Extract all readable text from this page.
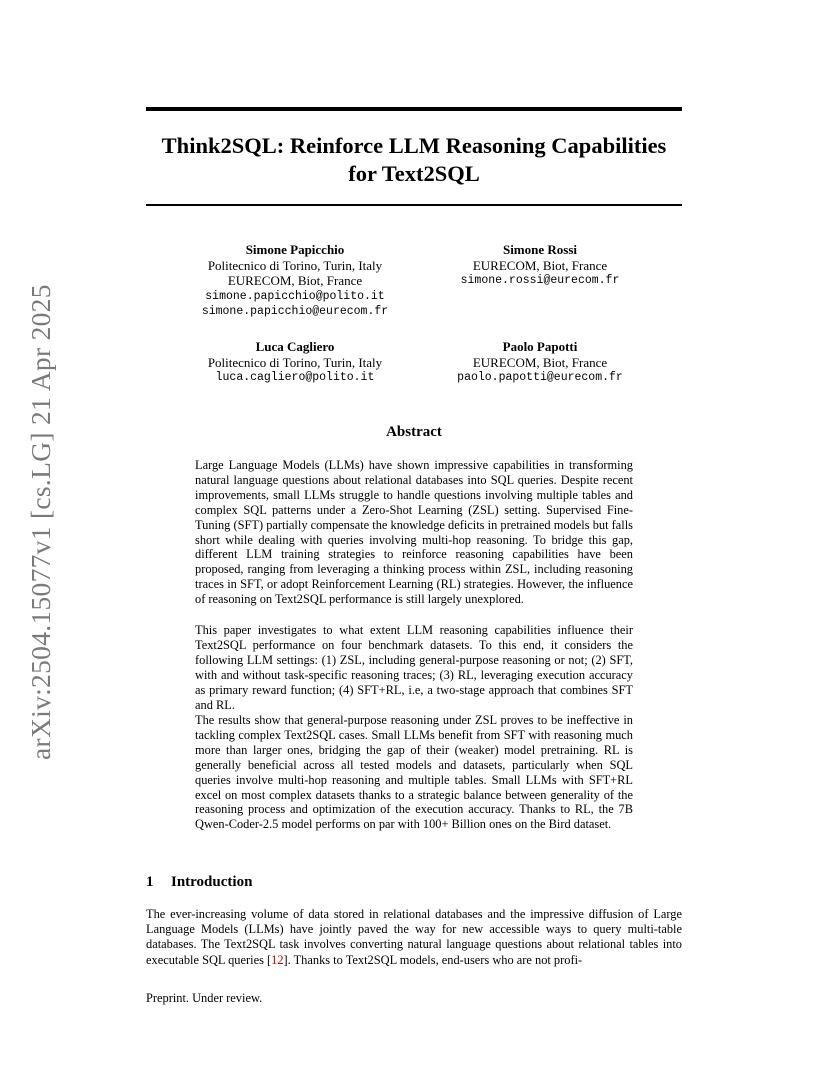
Think2SQL: Reinforce LLM Reasoning Capabilities
for Text2SQL
arXiv:2504.15077v1 [cs.LG] 21 Apr 2025
Simone Papicchio
Politecnico di Torino, Turin, Italy
EURECOM, Biot, France
simone.papicchio@polito.it
simone.papicchio@eurecom.fr
Simone Rossi
EURECOM, Biot, France
simone.rossi@eurecom.fr
Luca Cagliero
Politecnico di Torino, Turin, Italy
luca.cagliero@polito.it
Paolo Papotti
EURECOM, Biot, France
paolo.papotti@eurecom.fr
Abstract

Large Language Models (LLMs) have shown impressive capabilities in transforming natural language questions about relational databases into SQL queries. Despite recent improvements, small LLMs struggle to handle questions involving multiple tables and complex SQL patterns under a Zero-Shot Learning (ZSL) setting. Supervised Fine-Tuning (SFT) partially compensate the knowledge deficits in pretrained models but falls short while dealing with queries involving multi-hop reasoning. To bridge this gap, different LLM training strategies to reinforce reasoning capabilities have been proposed, ranging from leveraging a thinking process within ZSL, including reasoning traces in SFT, or adopt Reinforcement Learning (RL) strategies. However, the influence of reasoning on Text2SQL performance is still largely unexplored.

This paper investigates to what extent LLM reasoning capabilities influence their Text2SQL performance on four benchmark datasets. To this end, it considers the following LLM settings: (1) ZSL, including general-purpose reasoning or not; (2) SFT, with and without task-specific reasoning traces; (3) RL, leveraging execution accuracy as primary reward function; (4) SFT+RL, i.e, a two-stage approach that combines SFT and RL.

The results show that general-purpose reasoning under ZSL proves to be ineffective in tackling complex Text2SQL cases. Small LLMs benefit from SFT with reasoning much more than larger ones, bridging the gap of their (weaker) model pretraining. RL is generally beneficial across all tested models and datasets, particularly when SQL queries involve multi-hop reasoning and multiple tables. Small LLMs with SFT+RL excel on most complex datasets thanks to a strategic balance between generality of the reasoning process and optimization of the execution accuracy. Thanks to RL, the 7B Qwen-Coder-2.5 model performs on par with 100+ Billion ones on the Bird dataset.

1 Introduction

The ever-increasing volume of data stored in relational databases and the impressive diffusion of Large Language Models (LLMs) have jointly paved the way for new accessible ways to query multi-table databases. The Text2SQL task involves converting natural language questions about relational tables into executable SQL queries [12]. Thanks to Text2SQL models, end-users who are not profi-

Preprint. Under review.
